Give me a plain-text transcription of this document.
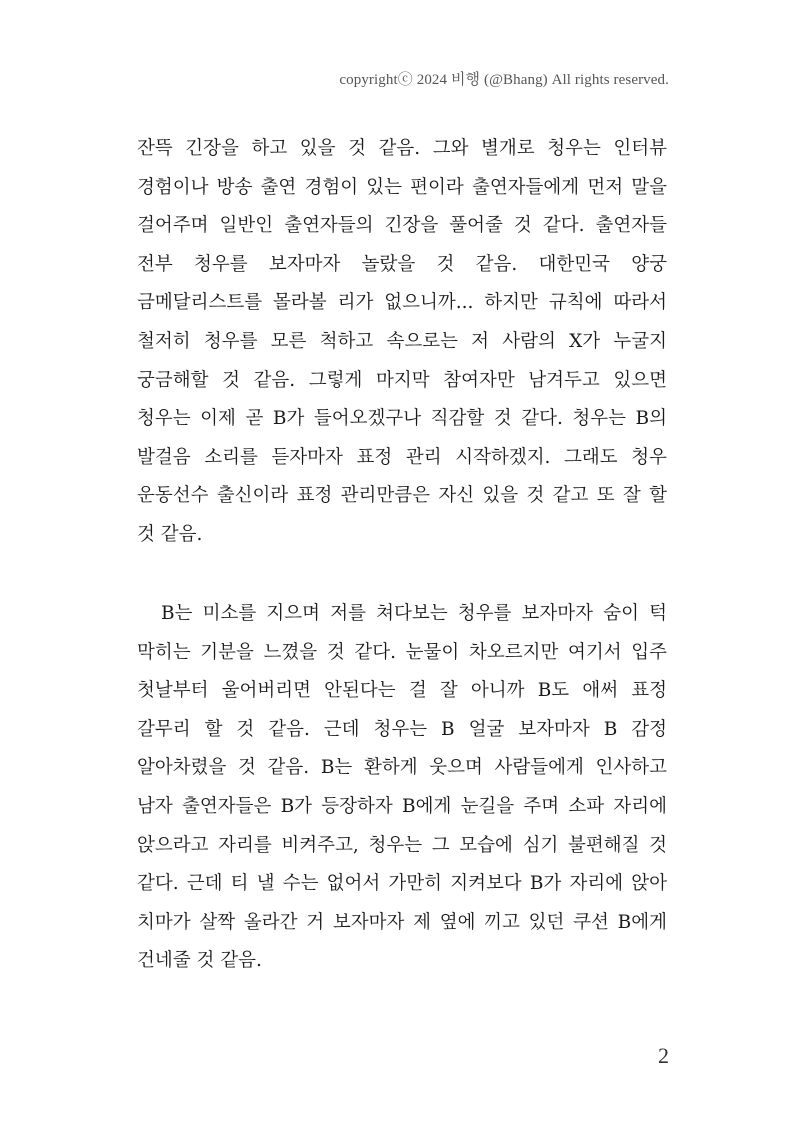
copyrightⓒ 2024 비행 (@Bhang) All rights reserved.
잔뜩 긴장을 하고 있을 것 같음. 그와 별개로 청우는 인터뷰
경험이나 방송 출연 경험이 있는 편이라 출연자들에게 먼저 말을
걸어주며 일반인 출연자들의 긴장을 풀어줄 것 같다. 출연자들
전부 청우를 보자마자 놀랐을 것 같음. 대한민국 양궁
금메달리스트를 몰라볼 리가 없으니까... 하지만 규칙에 따라서
철저히 청우를 모른 척하고 속으로는 저 사람의 X가 누굴지
궁금해할 것 같음. 그렇게 마지막 참여자만 남겨두고 있으면
청우는 이제 곧 B가 들어오겠구나 직감할 것 같다. 청우는 B의
발걸음 소리를 듣자마자 표정 관리 시작하겠지. 그래도 청우
운동선수 출신이라 표정 관리만큼은 자신 있을 것 같고 또 잘 할
것 같음.
B는 미소를 지으며 저를 쳐다보는 청우를 보자마자 숨이 턱
막히는 기분을 느꼈을 것 같다. 눈물이 차오르지만 여기서 입주
첫날부터 울어버리면 안된다는 걸 잘 아니까 B도 애써 표정
갈무리 할 것 같음. 근데 청우는 B 얼굴 보자마자 B 감정
알아차렸을 것 같음. B는 환하게 웃으며 사람들에게 인사하고
남자 출연자들은 B가 등장하자 B에게 눈길을 주며 소파 자리에
앉으라고 자리를 비켜주고, 청우는 그 모습에 심기 불편해질 것
같다. 근데 티 낼 수는 없어서 가만히 지켜보다 B가 자리에 앉아
치마가 살짝 올라간 거 보자마자 제 옆에 끼고 있던 쿠션 B에게
건네줄 것 같음.
2
